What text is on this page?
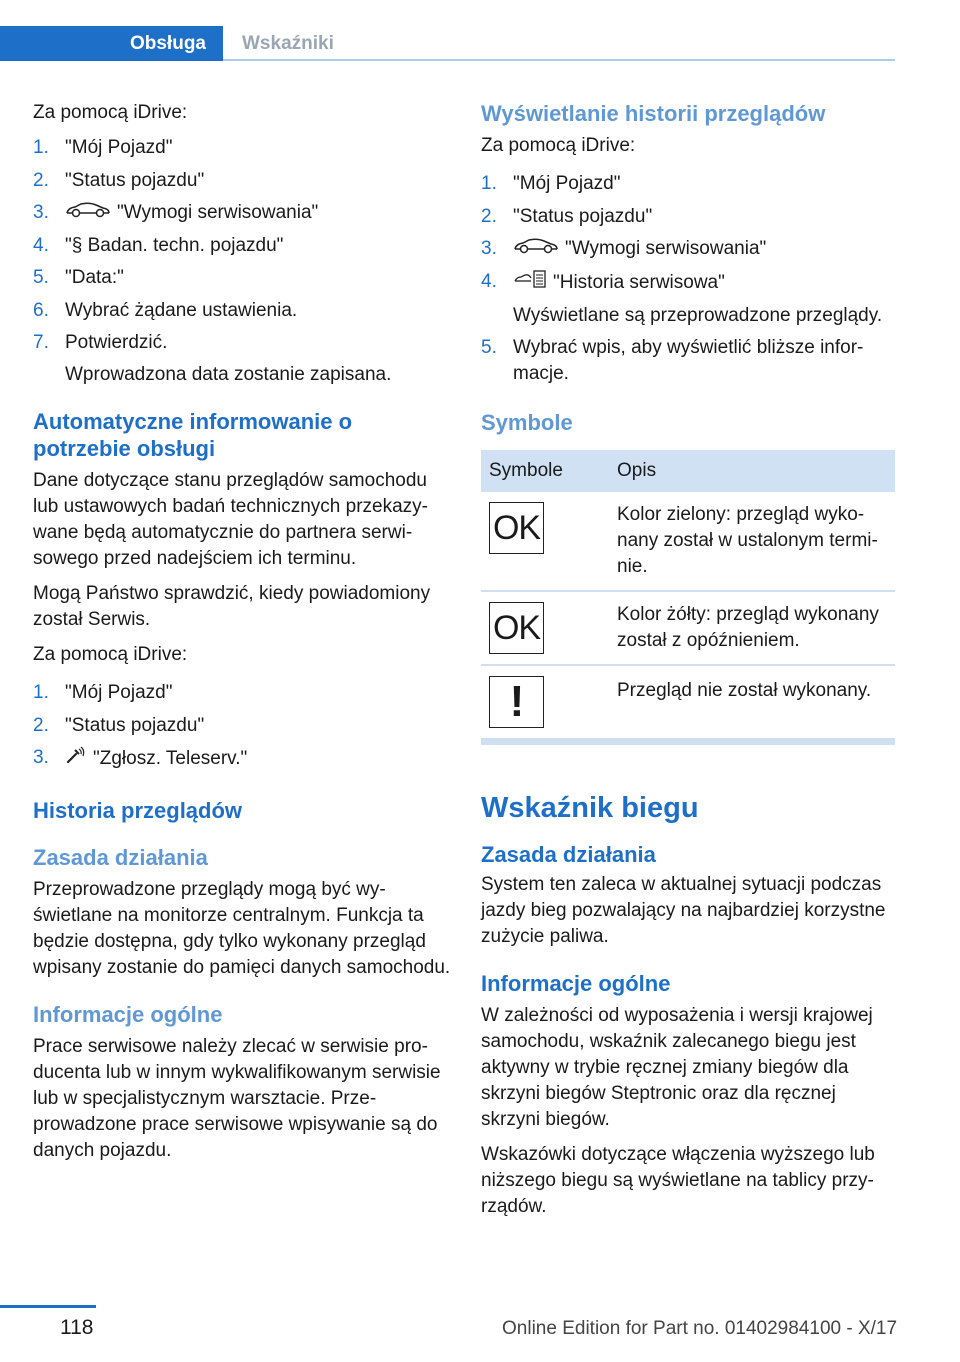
Obsługa	Wskaźniki

Za pomocą iDrive:

1. "Mój Pojazd"
2. "Status pojazdu"
3.	"Wymogi serwisowania"
4. "§ Badan. techn. pojazdu"
5. "Data:"
6. Wybrać żądane ustawienia.
7. Potwierdzić.
Wprowadzona data zostanie zapisana.
Automatyczne informowanie o potrzebie obsługi

Dane dotyczące stanu przeglądów samochodu lub ustawowych badań technicznych przekazywane będą automatycznie do partnera serwisowego przed nadejściem ich terminu.

Mogą Państwo sprawdzić, kiedy powiadomiony został Serwis.

Za pomocą iDrive:

1. "Mój Pojazd"
2. "Status pojazdu"
3. "Zgłosz. Teleserv."
Historia przeglądów
Zasada działania

Przeprowadzone przeglądy mogą być wyświetlane na monitorze centralnym. Funkcja ta będzie dostępna, gdy tylko wykonany przegląd wpisany zostanie do pamięci danych samochodu.

Informacje ogólne

Prace serwisowe należy zlecać w serwisie producenta lub w innym wykwalifikowanym serwisie lub w specjalistycznym warsztacie. Przeprowadzone prace serwisowe wpisywanie są do danych pojazdu.

Wyświetlanie historii przeglądów

Za pomocą iDrive:

1. "Mój Pojazd"
2. "Status pojazdu"
3.	"Wymogi serwisowania"
4.	"Historia serwisowa"
Wyświetlane są przeprowadzone przeglądy.
5. Wybrać wpis, aby wyświetlić bliższe informacje.
Symbole
Symbole	Opis

OK	Kolor zielony: przegląd wykonany został w ustalonym terminie.

OK	Kolor żółty: przegląd wykonany został z opóźnieniem.

!	Przegląd nie został wykonany.
Wskaźnik biegu
Zasada działania

System ten zaleca w aktualnej sytuacji podczas jazdy bieg pozwalający na najbardziej korzystne zużycie paliwa.

Informacje ogólne

W zależności od wyposażenia i wersji krajowej samochodu, wskaźnik zalecanego biegu jest aktywny w trybie ręcznej zmiany biegów dla skrzyni biegów Steptronic oraz dla ręcznej skrzyni biegów.

Wskazówki dotyczące włączenia wyższego lub niższego biegu są wyświetlane na tablicy przyrządów.

118	Online Edition for Part no. 01402984100 - X/17
